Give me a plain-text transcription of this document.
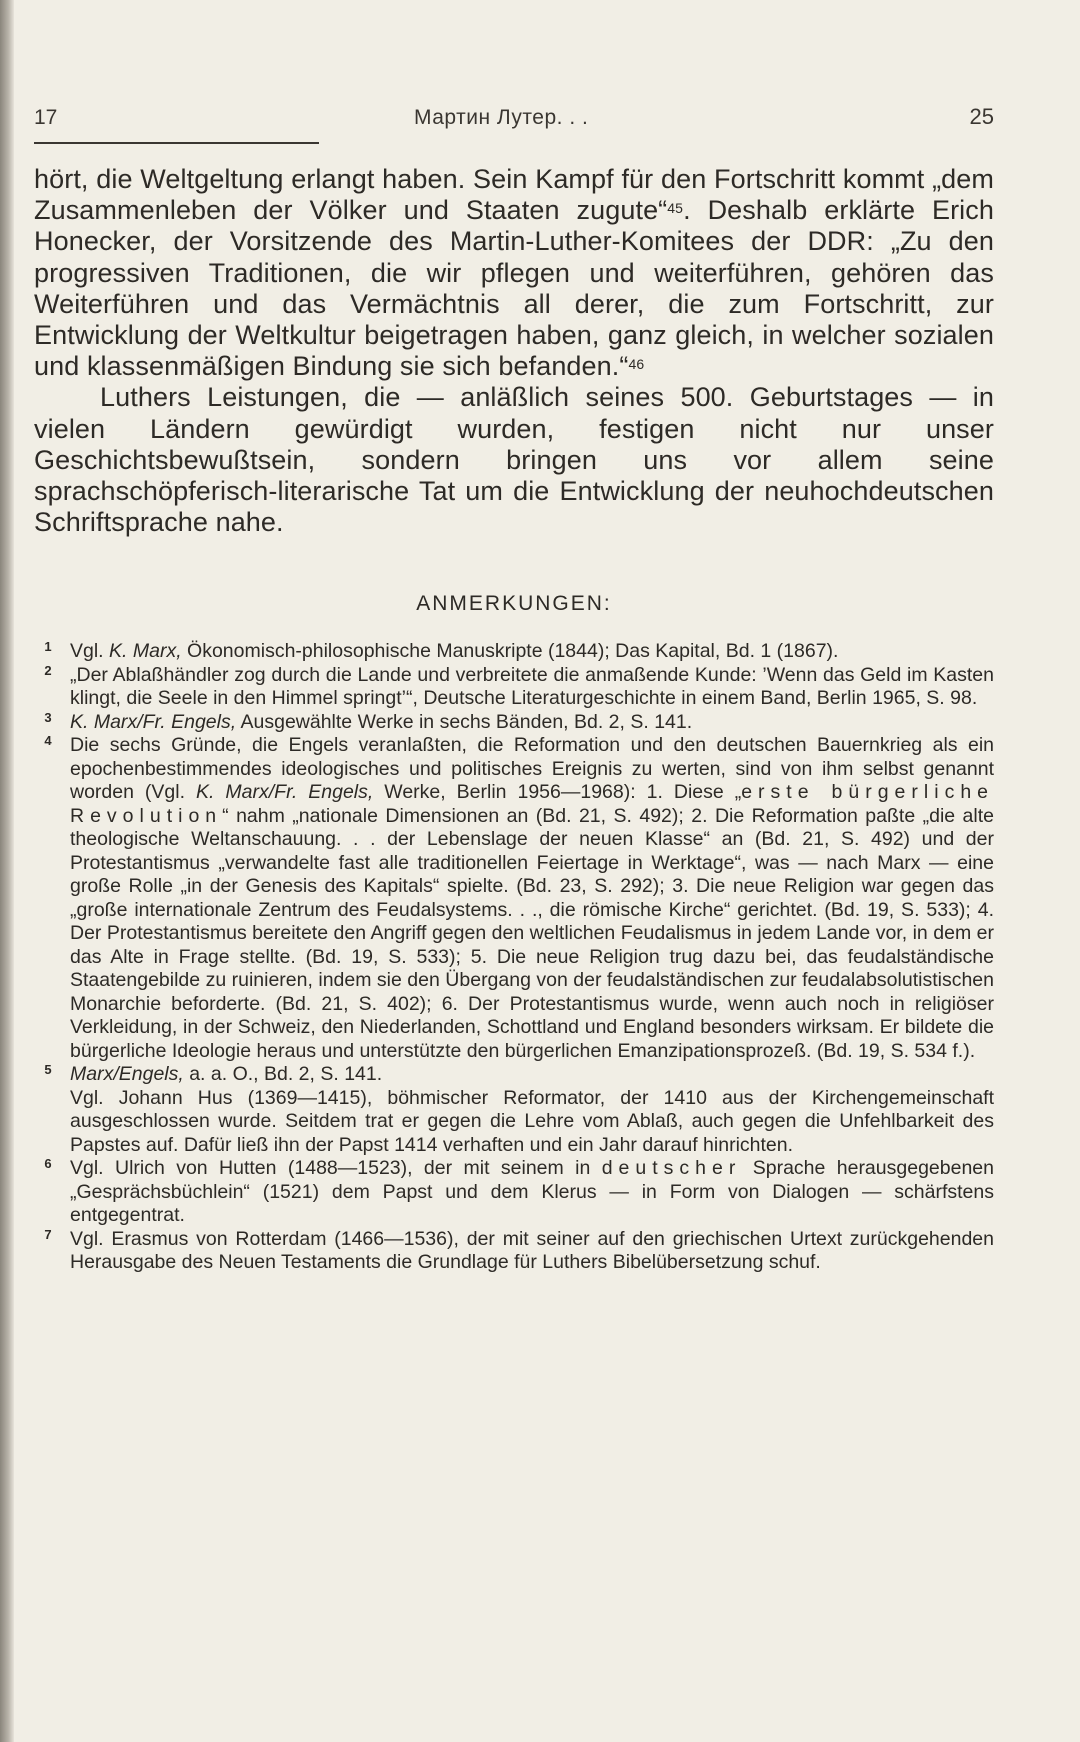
17	Мартин Лутер. . .	25

hört, die Weltgeltung erlangt haben. Sein Kampf für den Fortschritt kommt „dem Zusammenleben der Völker und Staaten zugute“$^{45}$. Deshalb erklärte Erich Honecker, der Vorsitzende des Martin-Luther-Komitees der DDR: „Zu den progressiven Traditionen, die wir pflegen und weiterführen, gehören das Weiterführen und das Vermächtnis all derer, die zum Fortschritt, zur Entwicklung der Weltkultur beigetragen haben, ganz gleich, in welcher sozialen und klassenmäßigen Bindung sie sich befanden.“$^{46}$

Luthers Leistungen, die — anläßlich seines 500. Geburtstages — in vielen Ländern gewürdigt wurden, festigen nicht nur unser Geschichtsbewußtsein, sondern bringen uns vor allem seine sprachschöpferisch-literarische Tat um die Entwicklung der neuhochdeutschen Schriftsprache nahe.

ANMERKUNGEN:

1 Vgl. K. Marx, Ökonomisch-philosophische Manuskripte (1844); Das Kapital, Bd. 1 (1867).

2 „Der Ablaßhändler zog durch die Lande und verbreitete die anmaßende Kunde: ’Wenn das Geld im Kasten klingt, die Seele in den Himmel springt’“, Deutsche Literaturgeschichte in einem Band, Berlin 1965, S. 98.

3 K. Marx/Fr. Engels, Ausgewählte Werke in sechs Bänden, Bd. 2, S. 141.

4 Die sechs Gründe, die Engels veranlaßten, die Reformation und den deutschen Bauernkrieg als ein epochenbestimmendes ideologisches und politisches Ereignis zu werten, sind von ihm selbst genannt worden (Vgl. K. Marx/Fr. Engels, Werke, Berlin 1956—1968): 1. Diese „erste bürgerliche Revolution“ nahm „nationale Dimensionen an (Bd. 21, S. 492); 2. Die Reformation paßte „die alte theologische Weltanschauung. . . der Lebenslage der neuen Klasse“ an (Bd. 21, S. 492) und der Protestantismus „verwandelte fast alle traditionellen Feiertage in Werktage“, was — nach Marx — eine große Rolle „in der Genesis des Kapitals“ spielte. (Bd. 23, S. 292); 3. Die neue Religion war gegen das „große internationale Zentrum des Feudalsystems. . ., die römische Kirche“ gerichtet. (Bd. 19, S. 533); 4. Der Protestantismus bereitete den Angriff gegen den weltlichen Feudalismus in jedem Lande vor, in dem er das Alte in Frage stellte. (Bd. 19, S. 533); 5. Die neue Religion trug dazu bei, das feudalständische Staatengebilde zu ruinieren, indem sie den Übergang von der feudalständischen zur feudalabsolutistischen Monarchie beforderte. (Bd. 21, S. 402); 6. Der Protestantismus wurde, wenn auch noch in religiöser Verkleidung, in der Schweiz, den Niederlanden, Schottland und England besonders wirksam. Er bildete die bürgerliche Ideologie heraus und unterstützte den bürgerlichen Emanzipationsprozeß. (Bd. 19, S. 534 f.).

5 Marx/Engels, a. a. O., Bd. 2, S. 141.

Vgl. Johann Hus (1369—1415), böhmischer Reformator, der 1410 aus der Kirchengemeinschaft ausgeschlossen wurde. Seitdem trat er gegen die Lehre vom Ablaß, auch gegen die Unfehlbarkeit des Papstes auf. Dafür ließ ihn der Papst 1414 verhaften und ein Jahr darauf hinrichten.

6 Vgl. Ulrich von Hutten (1488—1523), der mit seinem in deutscher Sprache herausgegebenen „Gesprächsbüchlein“ (1521) dem Papst und dem Klerus — in Form von Dialogen — schärfstens entgegentrat.

7 Vgl. Erasmus von Rotterdam (1466—1536), der mit seiner auf den griechischen Urtext zurückgehenden Herausgabe des Neuen Testaments die Grundlage für Luthers Bibelübersetzung schuf.
